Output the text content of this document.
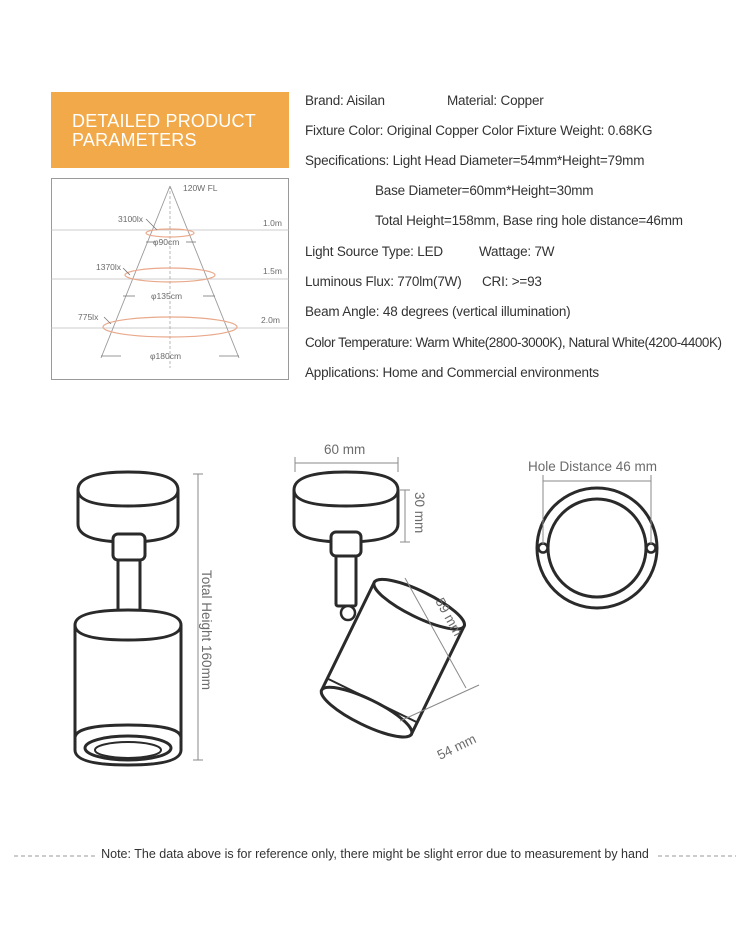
DETAILED PRODUCT
PARAMETERS
Brand: Aisilan	Material: Copper
Fixture Color: Original Copper Color Fixture Weight: 0.68KG
Specifications: Light Head Diameter=54mm*Height=79mm
Base Diameter=60mm*Height=30mm
Total Height=158mm, Base ring hole distance=46mm
Light Source Type: LED	Wattage: 7W
Luminous Flux: 770lm(7W) CRI: >=93
Beam Angle: 48 degrees (vertical illumination)
Color Temperature: Warm White(2800-3000K), Natural White(4200-4400K)
Applications: Home and Commercial environments
120W FL
3100lx
φ90cm
1.0m
1370lx
φ135cm
1.5m
775lx
φ180cm
2.0m
Total Height 160mm
60 mm
30 mm
59 mm
54 mm
Hole Distance 46 mm
Note: The data above is for reference only, there might be slight error due to measurement by hand
